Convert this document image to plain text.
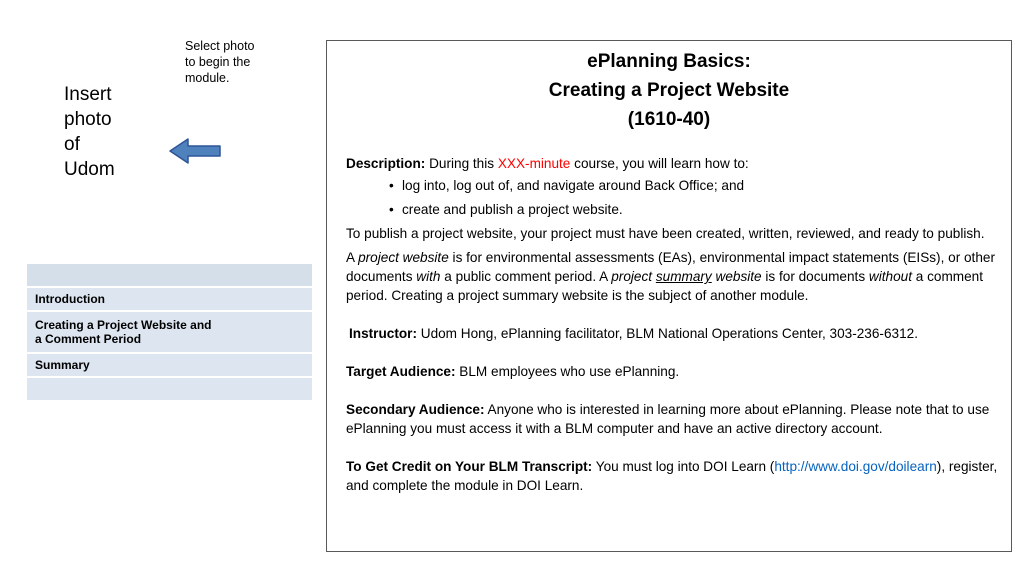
Select photo
to begin the
module.
Insert
photo
of
Udom
Introduction
Creating a Project Website and
a Comment Period
Summary
ePlanning Basics:
Creating a Project Website
(1610-40)

Description: During this XXX-minute course, you will learn how to:

• log into, log out of, and navigate around Back Office; and
• create and publish a project website.

To publish a project website, your project must have been created, written, reviewed, and ready to publish.

A project website is for environmental assessments (EAs), environmental impact statements (EISs), or other documents with a public comment period. A project summary website is for documents without a comment period. Creating a project summary website is the subject of another module.

Instructor: Udom Hong, ePlanning facilitator, BLM National Operations Center, 303-236-6312.

Target Audience: BLM employees who use ePlanning.

Secondary Audience: Anyone who is interested in learning more about ePlanning. Please note that to use ePlanning you must access it with a BLM computer and have an active directory account.

To Get Credit on Your BLM Transcript: You must log into DOI Learn (http://www.doi.gov/doilearn), register, and complete the module in DOI Learn.
